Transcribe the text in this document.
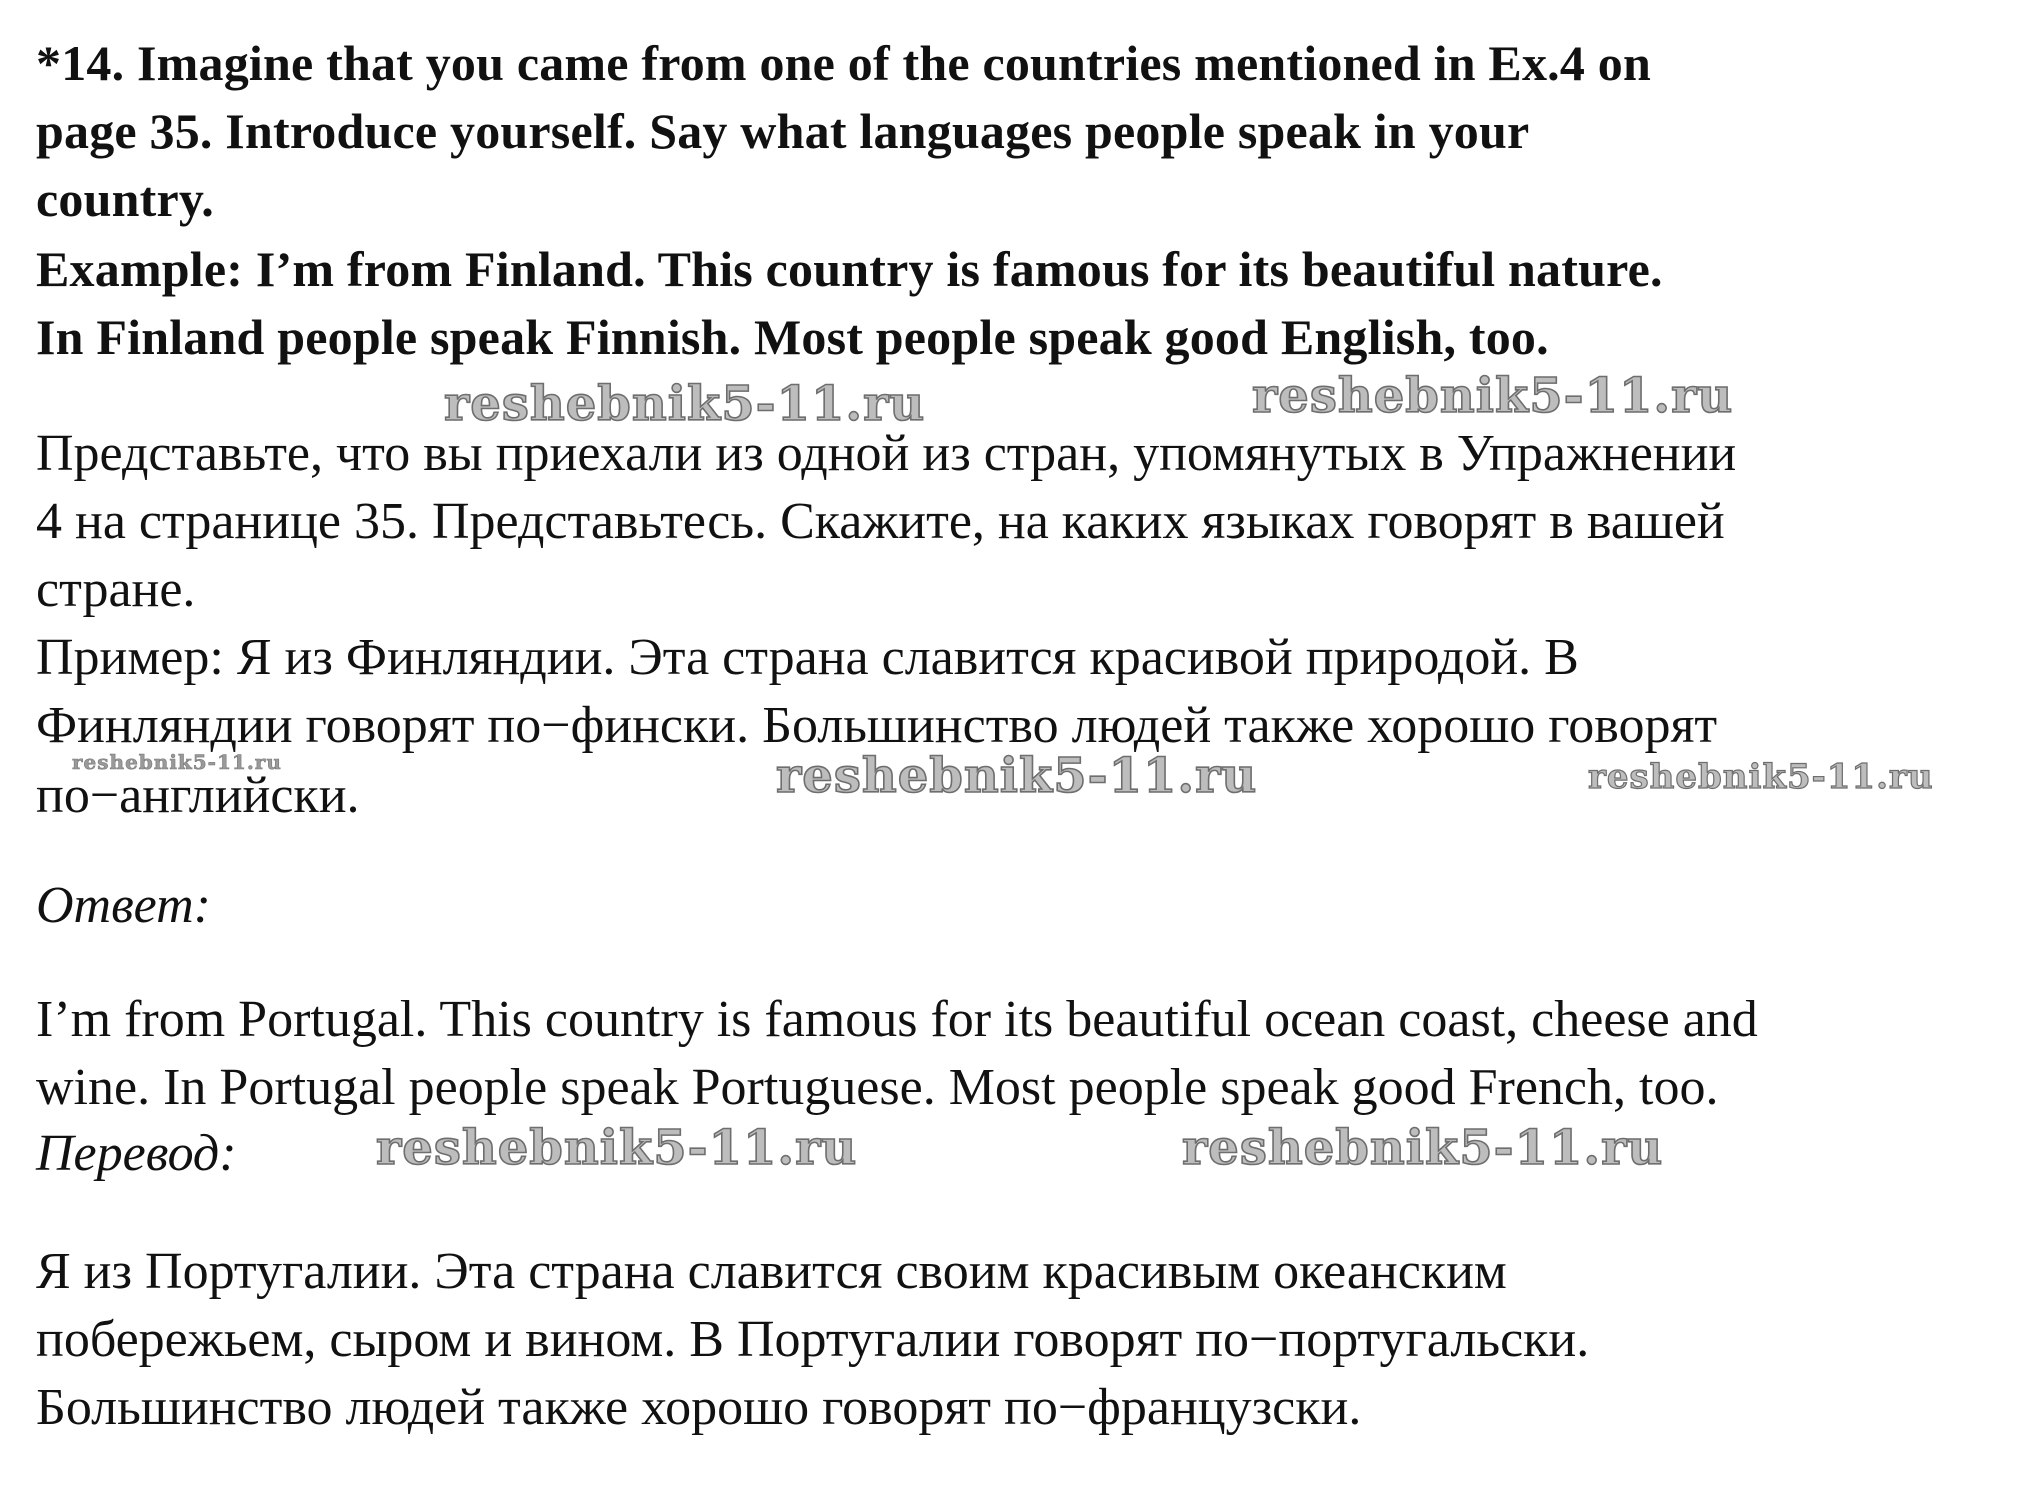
*14. Imagine that you came from one of the countries mentioned in Ex.4 on
page 35. Introduce yourself. Say what languages people speak in your
country.
Example: I’m from Finland. This country is famous for its beautiful nature.
In Finland people speak Finnish. Most people speak good English, too.
Представьте, что вы приехали из одной из стран, упомянутых в Упражнении
4 на странице 35. Представьтесь. Скажите, на каких языках говорят в вашей
стране.
Пример: Я из Финляндии. Эта страна славится красивой природой. В
Финляндии говорят по−фински. Большинство людей также хорошо говорят
по−английски.
Ответ:
I’m from Portugal. This country is famous for its beautiful ocean coast, cheese and
wine. In Portugal people speak Portuguese. Most people speak good French, too.
Перевод:
Я из Португалии. Эта страна славится своим красивым океанским
побережьем, сыром и вином. В Португалии говорят по−португальски.
Большинство людей также хорошо говорят по−французски.
reshebnik5-11.ru	reshebnik5-11.ru
reshebnik5-11.ru	reshebnik5-11.ru	reshebnik5-11.ru
reshebnik5-11.ru	reshebnik5-11.ru
